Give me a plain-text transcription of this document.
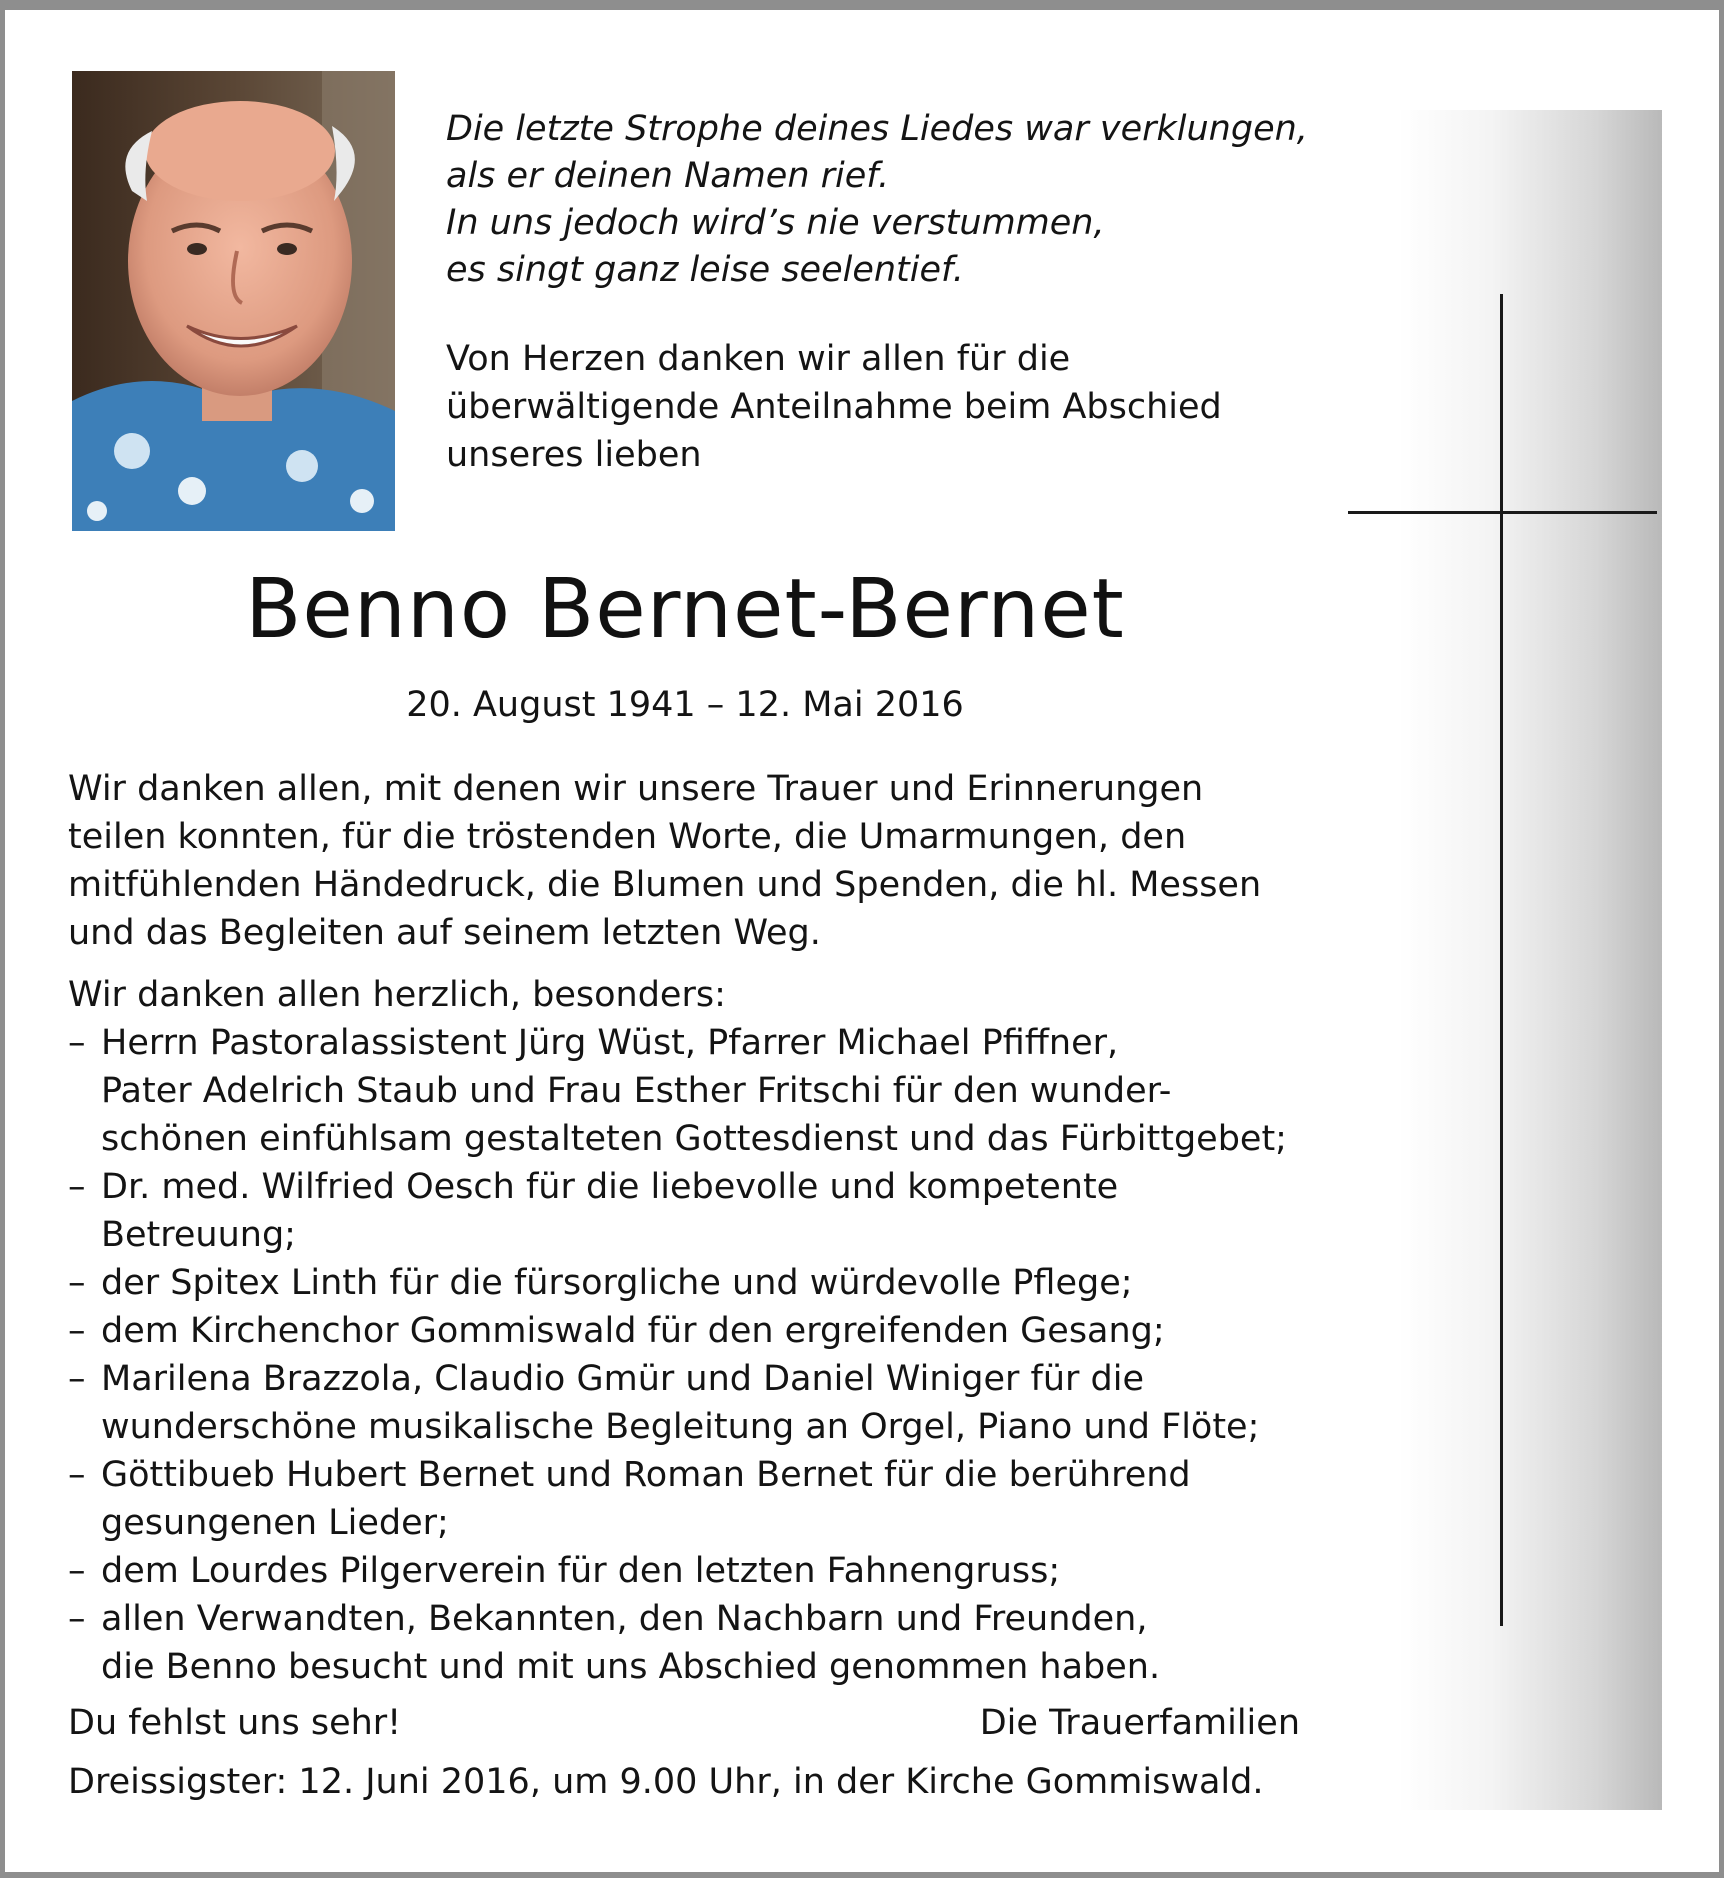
Die letzte Strophe deines Liedes war verklungen,
als er deinen Namen rief.
In uns jedoch wird’s nie verstummen,
es singt ganz leise seelentief.
Von Herzen danken wir allen für die
überwältigende Anteilnahme beim Abschied
unseres lieben
Benno Bernet-Bernet
20. August 1941 – 12. Mai 2016
Wir danken allen, mit denen wir unsere Trauer und Erinnerungen
teilen konnten, für die tröstenden Worte, die Umarmungen, den
mitfühlenden Händedruck, die Blumen und Spenden, die hl. Messen
und das Begleiten auf seinem letzten Weg.
Wir danken allen herzlich, besonders:
– Herrn Pastoralassistent Jürg Wüst, Pfarrer Michael Pfiffner,
Pater Adelrich Staub und Frau Esther Fritschi für den wunder-
schönen einfühlsam gestalteten Gottesdienst und das Fürbittgebet;
– Dr. med. Wilfried Oesch für die liebevolle und kompetente
Betreuung;
– der Spitex Linth für die fürsorgliche und würdevolle Pflege;
– dem Kirchenchor Gommiswald für den ergreifenden Gesang;
– Marilena Brazzola, Claudio Gmür und Daniel Winiger für die
wunderschöne musikalische Begleitung an Orgel, Piano und Flöte;
– Göttibueb Hubert Bernet und Roman Bernet für die berührend
gesungenen Lieder;
– dem Lourdes Pilgerverein für den letzten Fahnengruss;
– allen Verwandten, Bekannten, den Nachbarn und Freunden,
die Benno besucht und mit uns Abschied genommen haben.
Du fehlst uns sehr!	Die Trauerfamilien
Dreissigster: 12. Juni 2016, um 9.00 Uhr, in der Kirche Gommiswald.
